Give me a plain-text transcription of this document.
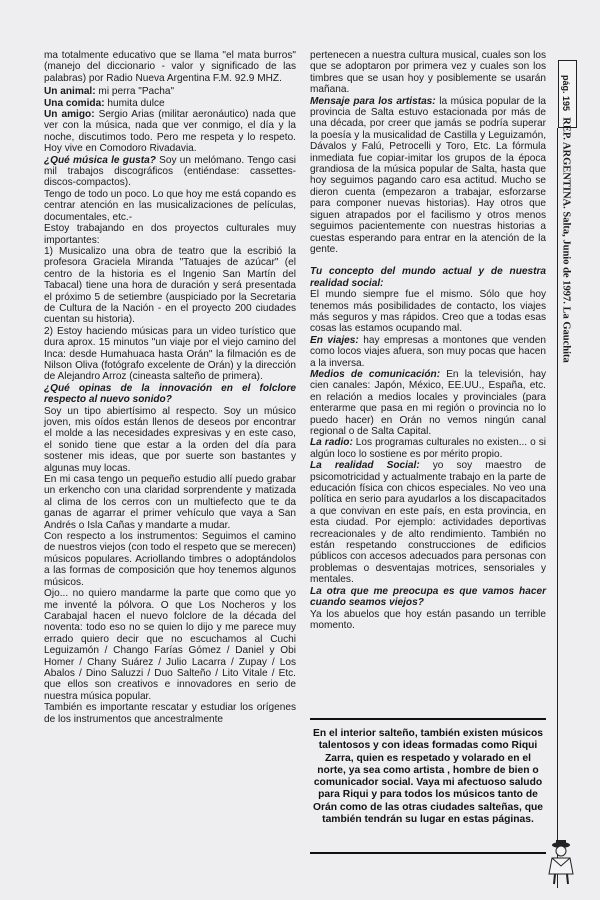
ma totalmente educativo que se llama "el mata burros" (manejo del diccionario - valor y significado de las palabras) por Radio Nueva Argentina F.M. 92.9 MHZ.

Un animal: mi perra "Pacha"

Una comida: humita dulce

Un amigo: Sergio Arias (militar aeronáutico) nada que ver con la música, nada que ver conmigo, el día y la noche, discutimos todo. Pero me respeta y lo respeto. Hoy vive en Comodoro Rivadavia.

¿Qué música le gusta? Soy un melómano. Tengo casi mil trabajos discográficos (entiéndase: cassettes-discos-compactos).

Tengo de todo un poco. Lo que hoy me está copando es centrar atención en las musicalizaciones de películas, documentales, etc.-

Estoy trabajando en dos proyectos culturales muy importantes:

1) Musicalizo una obra de teatro que la escribió la profesora Graciela Miranda "Tatuajes de azúcar" (el centro de la historia es el Ingenio San Martín del Tabacal) tiene una hora de duración y será presentada el próximo 5 de setiembre (auspiciado por la Secretaria de Cultura de la Nación - en el proyecto 200 ciudades cuentan su historia).

2) Estoy haciendo músicas para un video turístico que dura aprox. 15 minutos "un viaje por el viejo camino del Inca: desde Humahuaca hasta Orán" la filmación es de Nilson Oliva (fotógrafo excelente de Orán) y la dirección de Alejandro Arroz (cineasta salteño de primera).

¿Qué opinas de la innovación en el folclore respecto al nuevo sonido?

Soy un tipo abiertísimo al respecto. Soy un músico joven, mis oídos están llenos de deseos por encontrar el molde a las necesidades expresivas y en este caso, el sonido tiene que estar a la orden del día para sostener mis ideas, que por suerte son bastantes y algunas muy locas.

En mi casa tengo un pequeño estudio allí puedo grabar un erkencho con una claridad sorprendente y matizada al clima de los cerros con un multiefecto que te da ganas de agarrar el primer vehículo que vaya a San Andrés o Isla Cañas y mandarte a mudar.

Con respecto a los instrumentos: Seguimos el camino de nuestros viejos (con todo el respeto que se merecen) músicos populares. Acriollando timbres o adoptándolos a las formas de composición que hoy tenemos algunos músicos.

Ojo... no quiero mandarme la parte que como que yo me inventé la pólvora. O que Los Nocheros y los Carabajal hacen el nuevo folclore de la década del noventa: todo eso no se quien lo dijo y me parece muy errado quiero decir que no escuchamos al Cuchi Leguizamón / Chango Farías Gómez / Daniel y Obi Homer / Chany Suárez / Julio Lacarra / Zupay / Los Abalos / Dino Saluzzi / Duo Salteño / Lito Vitale / Etc. que ellos son creativos e innovadores en serio de nuestra música popular.

También es importante rescatar y estudiar los orígenes de los instrumentos que ancestralmente

pertenecen a nuestra cultura musical, cuales son los que se adoptaron por primera vez y cuales son los timbres que se usan hoy y posiblemente se usarán mañana.

Mensaje para los artistas: la música popular de la provincia de Salta estuvo estacionada por más de una década, por creer que jamás se podría superar la poesía y la musicalidad de Castilla y Leguizamón, Dávalos y Falú, Petrocelli y Toro, Etc. La fórmula inmediata fue copiar-imitar los grupos de la época grandiosa de la música popular de Salta, hasta que hoy seguimos pagando caro esa actitud. Mucho se dieron cuenta (empezaron a trabajar, esforzarse para componer nuevas historias). Hay otros que siguen atrapados por el facilismo y otros menos seguimos pacientemente con nuestras historias a cuestas esperando para entrar en la atención de la gente.

Tu concepto del mundo actual y de nuestra realidad social:

El mundo siempre fue el mismo. Sólo que hoy tenemos más posibilidades de contacto, los viajes más seguros y mas rápidos. Creo que a todas esas cosas las estamos ocupando mal.

En viajes: hay empresas a montones que venden como locos viajes afuera, son muy pocas que hacen a la inversa.

Medios de comunicación: En la televisión, hay cien canales: Japón, México, EE.UU., España, etc. en relación a medios locales y provinciales (para enterarme que pasa en mi región o provincia no lo puedo hacer) en Orán no vemos ningún canal regional o de Salta Capital.

La radio: Los programas culturales no existen... o si algún loco lo sostiene es por mérito propio.

La realidad Social: yo soy maestro de psicomotricidad y actualmente trabajo en la parte de educación física con chicos especiales. No veo una política en serio para ayudarlos a los discapacitados a que convivan en este país, en esta provincia, en esta ciudad. Por ejemplo: actividades deportivas recreacionales y de alto rendimiento. También no están respetando construcciones de edificios públicos con accesos adecuados para personas con problemas o desventajas motrices, sensoriales y mentales.

La otra que me preocupa es que vamos hacer cuando seamos viejos?

Ya los abuelos que hoy están pasando un terrible momento.

En el interior salteño, también existen músicos talentosos y con ideas formadas como Riqui Zarra, quien es respetado y volarado en el norte, ya sea como artista , hombre de bien o comunicador social. Vaya mi afectuoso saludo para Riqui y para todos los músicos tanto de Orán como de las otras ciudades salteñas, que también tendrán su lugar en estas páginas.
pág. 195
REP. ARGENTINA. Salta, Junio de 1997. La Gauchita
